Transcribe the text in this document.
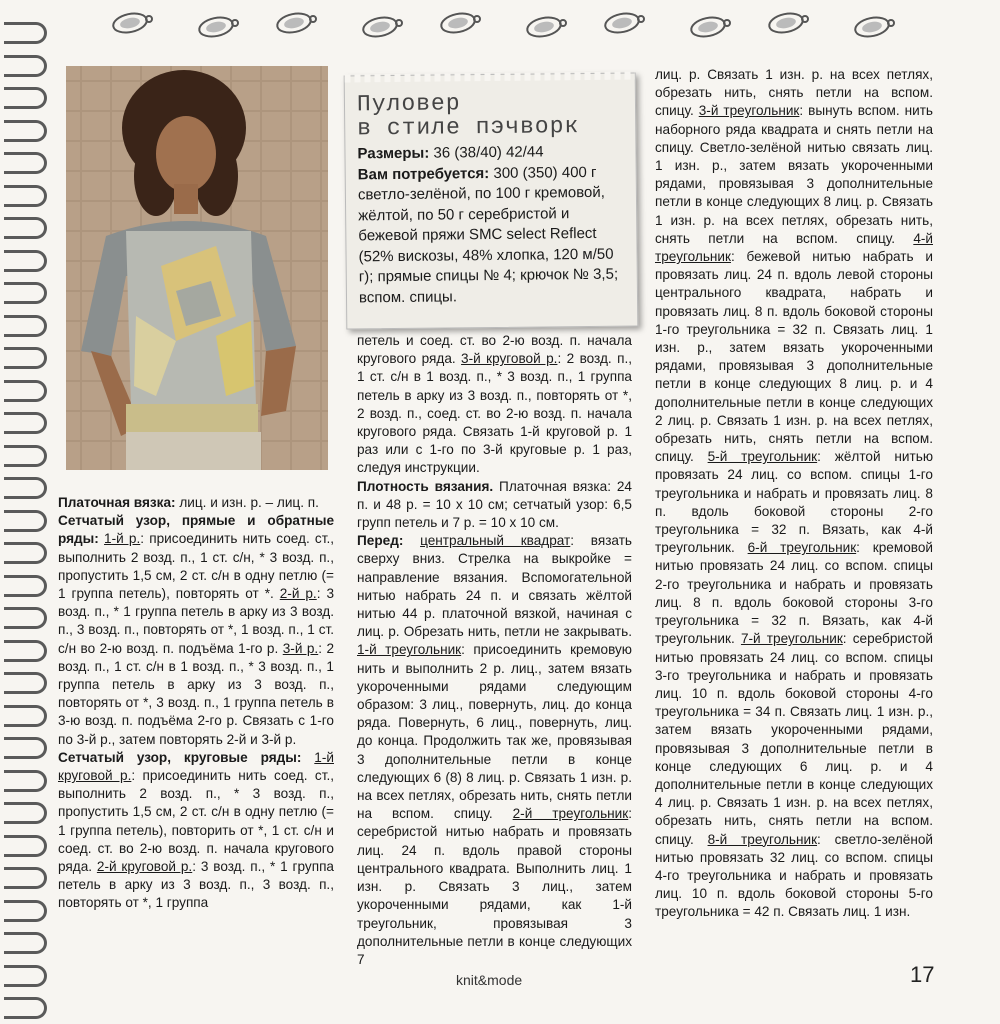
Пуловер
в стиле пэчворк
Размеры: 36 (38/40) 42/44
Вам потребуется: 300 (350) 400 г светло-зелёной, по 100 г кремовой, жёлтой, по 50 г серебристой и бежевой пряжи SMC select Reflect (52% вискозы, 48% хлопка, 120 м/50 г); прямые спицы № 4; крючок № 3,5; вспом. спицы.

Платочная вязка: лиц. и изн. р. – лиц. п.

Сетчатый узор, прямые и обратные ряды: 1-й р.: присоединить нить соед. ст., выполнить 2 возд. п., 1 ст. с/н, * 3 возд. п., пропустить 1,5 см, 2 ст. с/н в одну петлю (= 1 группа петель), повторять от *. 2-й р.: 3 возд. п., * 1 группа петель в арку из 3 возд. п., 3 возд. п., повторять от *, 1 возд. п., 1 ст. с/н во 2-ю возд. п. подъёма 1-го р. 3-й р.: 2 возд. п., 1 ст. с/н в 1 возд. п., * 3 возд. п., 1 группа петель в арку из 3 возд. п., повторять от *, 3 возд. п., 1 группа петель в 3-ю возд. п. подъёма 2-го р. Связать с 1-го по 3-й р., затем повторять 2-й и 3-й р.

Сетчатый узор, круговые ряды: 1-й круговой р.: присоединить нить соед. ст., выполнить 2 возд. п., * 3 возд. п., пропустить 1,5 см, 2 ст. с/н в одну петлю (= 1 группа петель), повторить от *, 1 ст. с/н и соед. ст. во 2-ю возд. п. начала кругового ряда. 2-й круговой р.: 3 возд. п., * 1 группа петель в арку из 3 возд. п., 3 возд. п., повторять от *, 1 группа

петель и соед. ст. во 2-ю возд. п. начала кругового ряда. 3-й круговой р.: 2 возд. п., 1 ст. с/н в 1 возд. п., * 3 возд. п., 1 группа петель в арку из 3 возд. п., повторять от *, 2 возд. п., соед. ст. во 2-ю возд. п. начала кругового ряда. Связать 1-й круговой р. 1 раз или с 1-го по 3-й круговые р. 1 раз, следуя инструкции.

Плотность вязания. Платочная вязка: 24 п. и 48 р. = 10 x 10 см; сетчатый узор: 6,5 групп петель и 7 р. = 10 x 10 см.

Перед: центральный квадрат: вязать сверху вниз. Стрелка на выкройке = направление вязания. Вспомогательной нитью набрать 24 п. и связать жёлтой нитью 44 р. платочной вязкой, начиная с лиц. р. Обрезать нить, петли не закрывать. 1-й треугольник: присоединить кремовую нить и выполнить 2 р. лиц., затем вязать укороченными рядами следующим образом: 3 лиц., повернуть, лиц. до конца ряда. Повернуть, 6 лиц., повернуть, лиц. до конца. Продолжить так же, провязывая 3 дополнительные петли в конце следующих 6 (8) 8 лиц. р. Связать 1 изн. р. на всех петлях, обрезать нить, снять петли на вспом. спицу. 2-й треугольник: серебристой нитью набрать и провязать лиц. 24 п. вдоль правой стороны центрального квадрата. Выполнить лиц. 1 изн. р. Связать 3 лиц., затем укороченными рядами, как 1-й треугольник, провязывая 3 дополнительные петли в конце следующих 7

лиц. р. Связать 1 изн. р. на всех петлях, обрезать нить, снять петли на вспом. спицу. 3-й треугольник: вынуть вспом. нить наборного ряда квадрата и снять петли на спицу. Светло-зелёной нитью связать лиц. 1 изн. р., затем вязать укороченными рядами, провязывая 3 дополнительные петли в конце следующих 8 лиц. р. Связать 1 изн. р. на всех петлях, обрезать нить, снять петли на вспом. спицу. 4-й треугольник: бежевой нитью набрать и провязать лиц. 24 п. вдоль левой стороны центрального квадрата, набрать и провязать лиц. 8 п. вдоль боковой стороны 1-го треугольника = 32 п. Связать лиц. 1 изн. р., затем вязать укороченными рядами, провязывая 3 дополнительные петли в конце следующих 8 лиц. р. и 4 дополнительные петли в конце следующих 2 лиц. р. Связать 1 изн. р. на всех петлях, обрезать нить, снять петли на вспом. спицу. 5-й треугольник: жёлтой нитью провязать 24 лиц. со вспом. спицы 1-го треугольника и набрать и провязать лиц. 8 п. вдоль боковой стороны 2-го треугольника = 32 п. Вязать, как 4-й треугольник. 6-й треугольник: кремовой нитью провязать 24 лиц. со вспом. спицы 2-го треугольника и набрать и провязать лиц. 8 п. вдоль боковой стороны 3-го треугольника = 32 п. Вязать, как 4-й треугольник. 7-й треугольник: серебристой нитью провязать 24 лиц. со вспом. спицы 3-го треугольника и набрать и провязать лиц. 10 п. вдоль боковой стороны 4-го треугольника = 34 п. Связать лиц. 1 изн. р., затем вязать укороченными рядами, провязывая 3 дополнительные петли в конце следующих 6 лиц. р. и 4 дополнительные петли в конце следующих 4 лиц. р. Связать 1 изн. р. на всех петлях, обрезать нить, снять петли на вспом. спицу. 8-й треугольник: светло-зелёной нитью провязать 32 лиц. со вспом. спицы 4-го треугольника и набрать и провязать лиц. 10 п. вдоль боковой стороны 5-го треугольника = 42 п. Связать лиц. 1 изн.

knit&mode	17
